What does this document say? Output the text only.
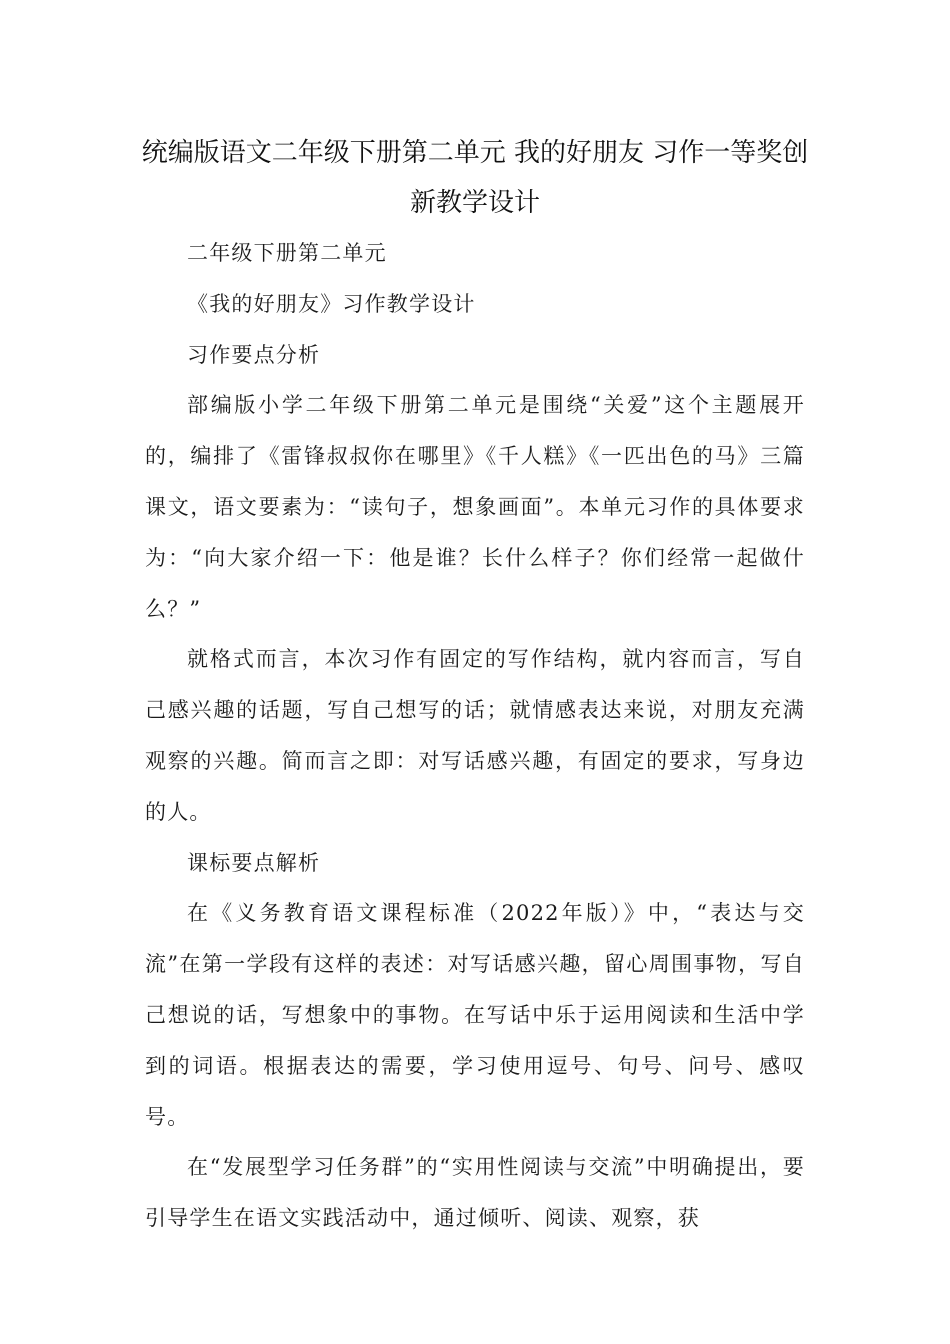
统编版语文二年级下册第二单元 我的好朋友 习作一等奖创新教学设计

二年级下册第二单元

《我的好朋友》习作教学设计

习作要点分析

部编版小学二年级下册第二单元是围绕“关爱”这个主题展开的，编排了《雷锋叔叔你在哪里》《千人糕》《一匹出色的马》三篇课文，语文要素为：“读句子，想象画面”。本单元习作的具体要求为：“向大家介绍一下：他是谁？长什么样子？你们经常一起做什么？”

就格式而言，本次习作有固定的写作结构，就内容而言，写自己感兴趣的话题，写自己想写的话；就情感表达来说，对朋友充满观察的兴趣。简而言之即：对写话感兴趣，有固定的要求，写身边的人。

课标要点解析

在《义务教育语文课程标准（2022年版）》中，“表达与交流”在第一学段有这样的表述：对写话感兴趣，留心周围事物，写自己想说的话，写想象中的事物。在写话中乐于运用阅读和生活中学到的词语。根据表达的需要，学习使用逗号、句号、问号、感叹号。

在“发展型学习任务群”的“实用性阅读与交流”中明确提出，要引导学生在语文实践活动中，通过倾听、阅读、观察，获
